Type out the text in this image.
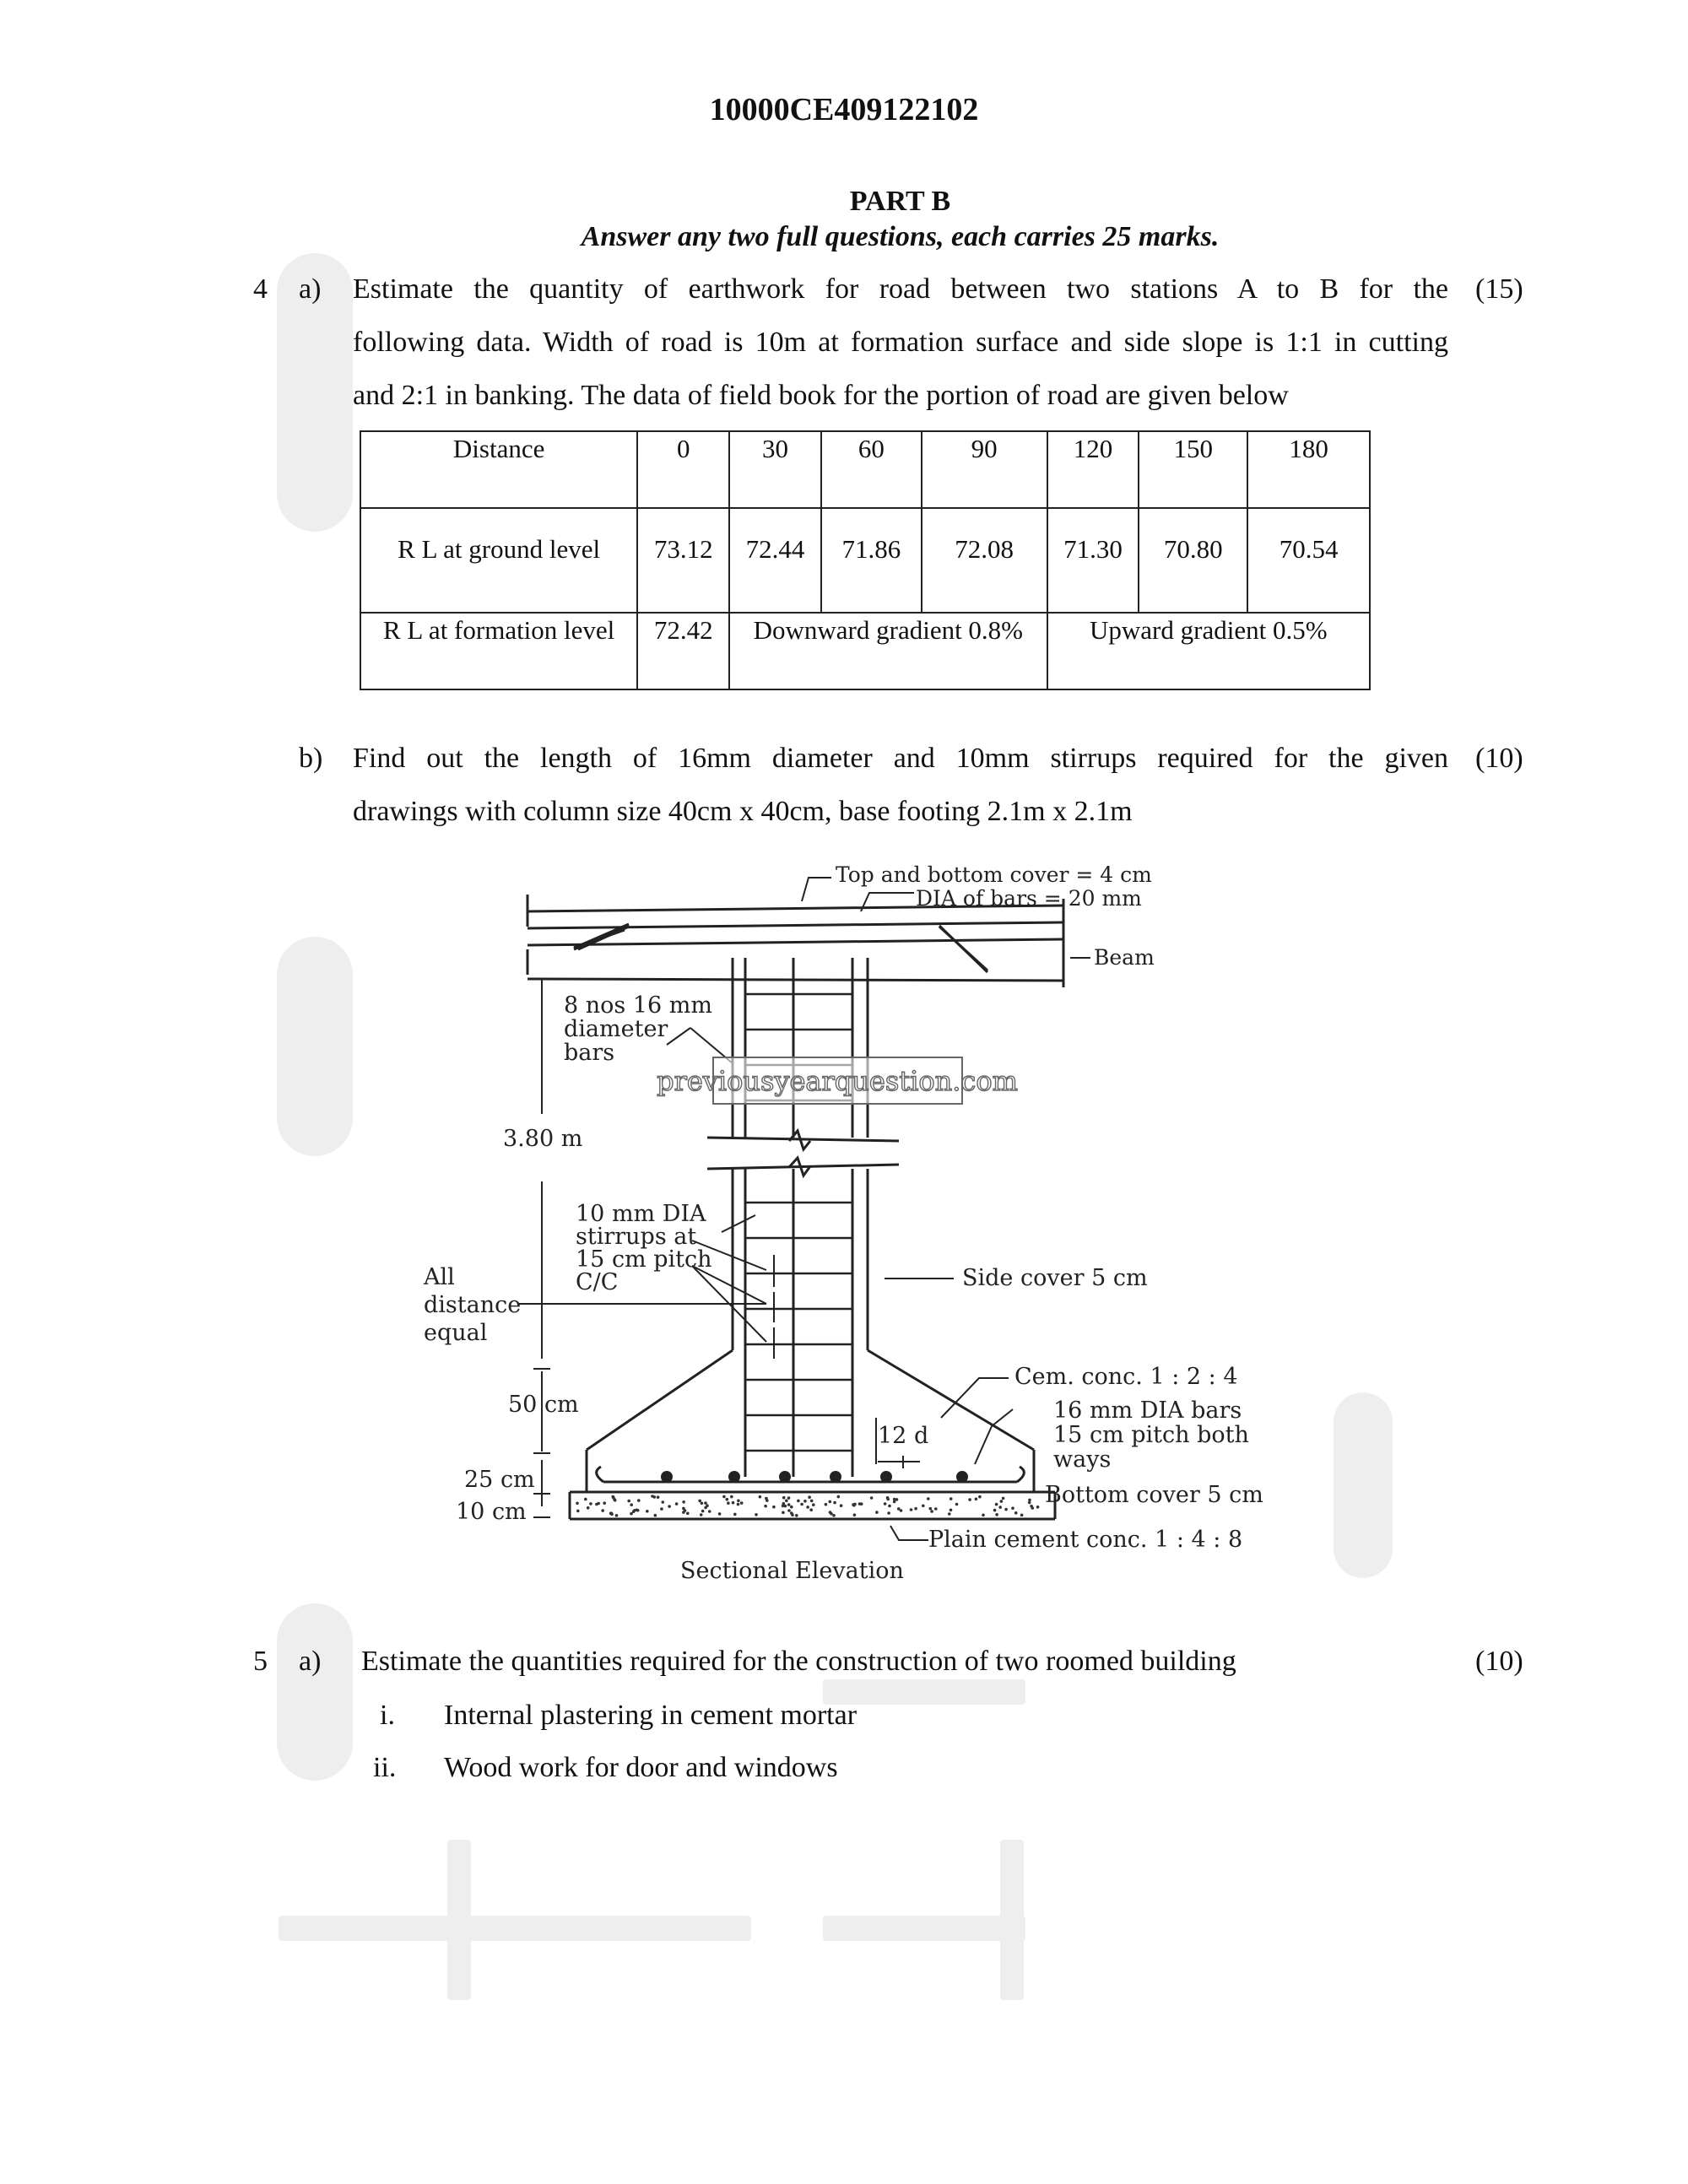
10000CE409122102
PART B
Answer any two full questions, each carries 25 marks.
4 a)	(15)
Estimate the quantity of earthwork for road between two stations A to B for the
following data. Width of road is 10m at formation surface and side slope is 1:1 in cutting
and 2:1 in banking. The data of field book for the portion of road are given below
Distance	0	30	60	90	120	150	180
R L at ground level	73.12	72.44	71.86	72.08	71.30	70.80	70.54
R L at formation level	72.42	Downward gradient 0.8%			Upward gradient 0.5%		
b)	(10)
Find out the length of 16mm diameter and 10mm stirrups required for the given
drawings with column size 40cm x 40cm, base footing 2.1m x 2.1m
Top and bottom cover = 4 cm
DIA of bars = 20 mm
Beam
8 nos 16 mm
diameter
bars
3.80 m
10 mm DIA
stirrups at
15 cm pitch
C/C
All
distance
equal
Side cover 5 cm
Cem. conc. 1 : 2 : 4
16 mm DIA bars
15 cm pitch both
ways
50 cm
12 d
25 cm
10 cm
Bottom cover 5 cm
Plain cement conc. 1 : 4 : 8
Sectional Elevation
previousyearquestion.com
5 a)	(10)
Estimate the quantities required for the construction of two roomed building
i. Internal plastering in cement mortar
ii. Wood work for door and windows
